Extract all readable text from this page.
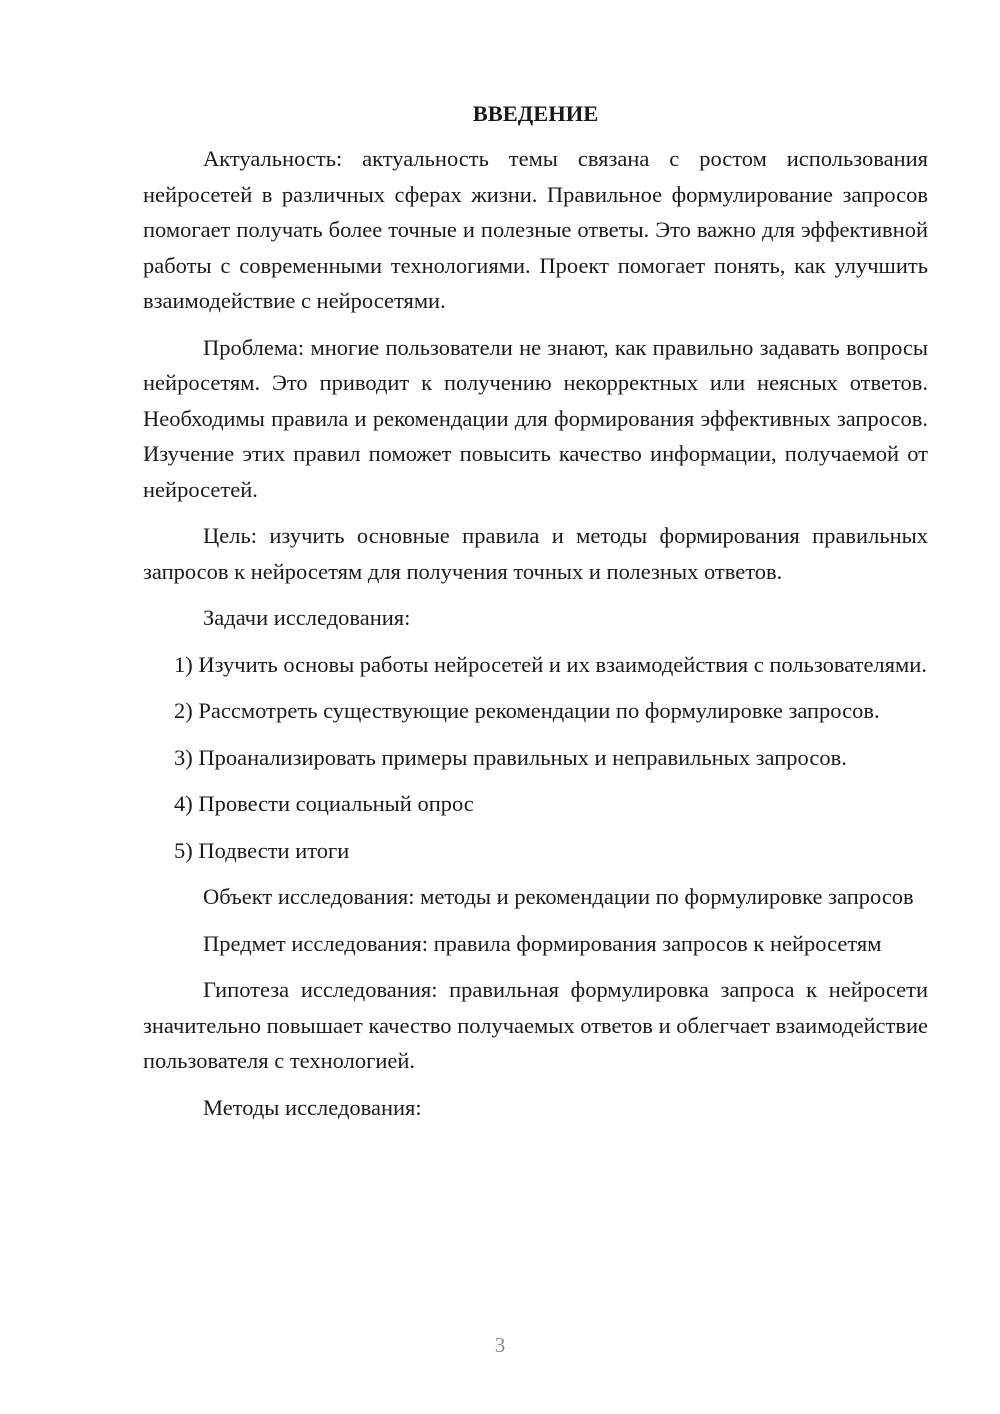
ВВЕДЕНИЕ

Актуальность: актуальность темы связана с ростом использования нейросетей в различных сферах жизни. Правильное формулирование запросов помогает получать более точные и полезные ответы. Это важно для эффективной работы с современными технологиями. Проект помогает понять, как улучшить взаимодействие с нейросетями.

Проблема: многие пользователи не знают, как правильно задавать вопросы нейросетям. Это приводит к получению некорректных или неясных ответов. Необходимы правила и рекомендации для формирования эффективных запросов. Изучение этих правил поможет повысить качество информации, получаемой от нейросетей.

Цель: изучить основные правила и методы формирования правильных запросов к нейросетям для получения точных и полезных ответов.

Задачи исследования:

1) Изучить основы работы нейросетей и их взаимодействия с пользователями.

2) Рассмотреть существующие рекомендации по формулировке запросов.

3) Проанализировать примеры правильных и неправильных запросов.

4) Провести социальный опрос

5) Подвести итоги

Объект исследования: методы и рекомендации по формулировке запросов

Предмет исследования: правила формирования запросов к нейросетям

Гипотеза исследования: правильная формулировка запроса к нейросети значительно повышает качество получаемых ответов и облегчает взаимодействие пользователя с технологией.

Методы исследования:

3
